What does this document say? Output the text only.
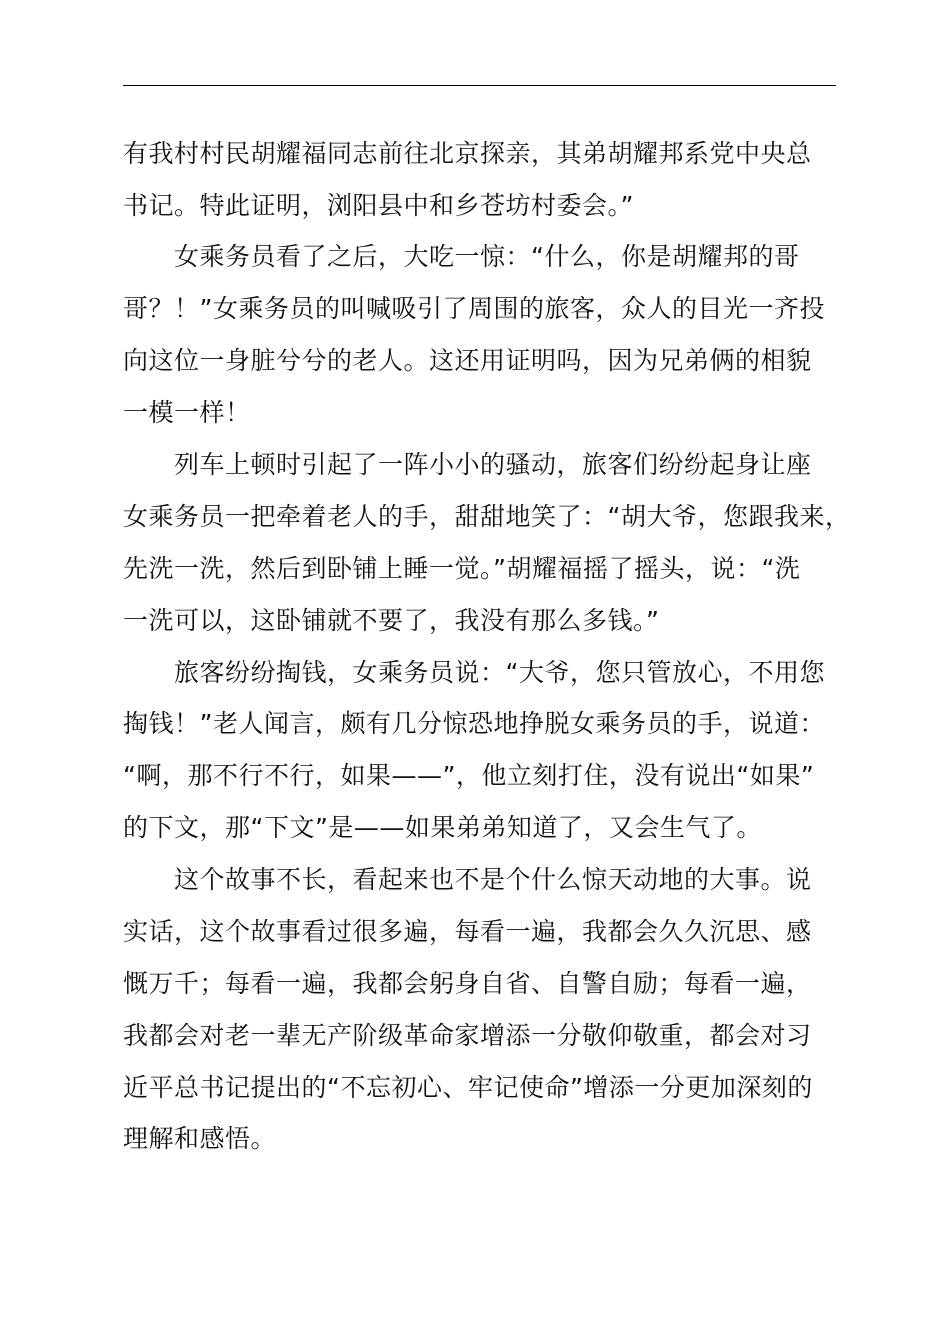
有我村村民胡耀福同志前往北京探亲，其弟胡耀邦系党中央总
书记。特此证明，浏阳县中和乡苍坊村委会。”
女乘务员看了之后，大吃一惊：“什么，你是胡耀邦的哥
哥？！”女乘务员的叫喊吸引了周围的旅客，众人的目光一齐投
向这位一身脏兮兮的老人。这还用证明吗，因为兄弟俩的相貌
一模一样！
列车上顿时引起了一阵小小的骚动，旅客们纷纷起身让座
女乘务员一把牵着老人的手，甜甜地笑了：“胡大爷，您跟我来，
先洗一洗，然后到卧铺上睡一觉。”胡耀福摇了摇头，说：“洗
一洗可以，这卧铺就不要了，我没有那么多钱。”
旅客纷纷掏钱，女乘务员说：“大爷，您只管放心，不用您
掏钱！”老人闻言，颇有几分惊恐地挣脱女乘务员的手，说道：
“啊，那不行不行，如果——”，他立刻打住，没有说出“如果”
的下文，那“下文”是——如果弟弟知道了，又会生气了。
这个故事不长，看起来也不是个什么惊天动地的大事。说
实话，这个故事看过很多遍，每看一遍，我都会久久沉思、感
慨万千；每看一遍，我都会躬身自省、自警自励；每看一遍，
我都会对老一辈无产阶级革命家增添一分敬仰敬重，都会对习
近平总书记提出的“不忘初心、牢记使命”增添一分更加深刻的
理解和感悟。
